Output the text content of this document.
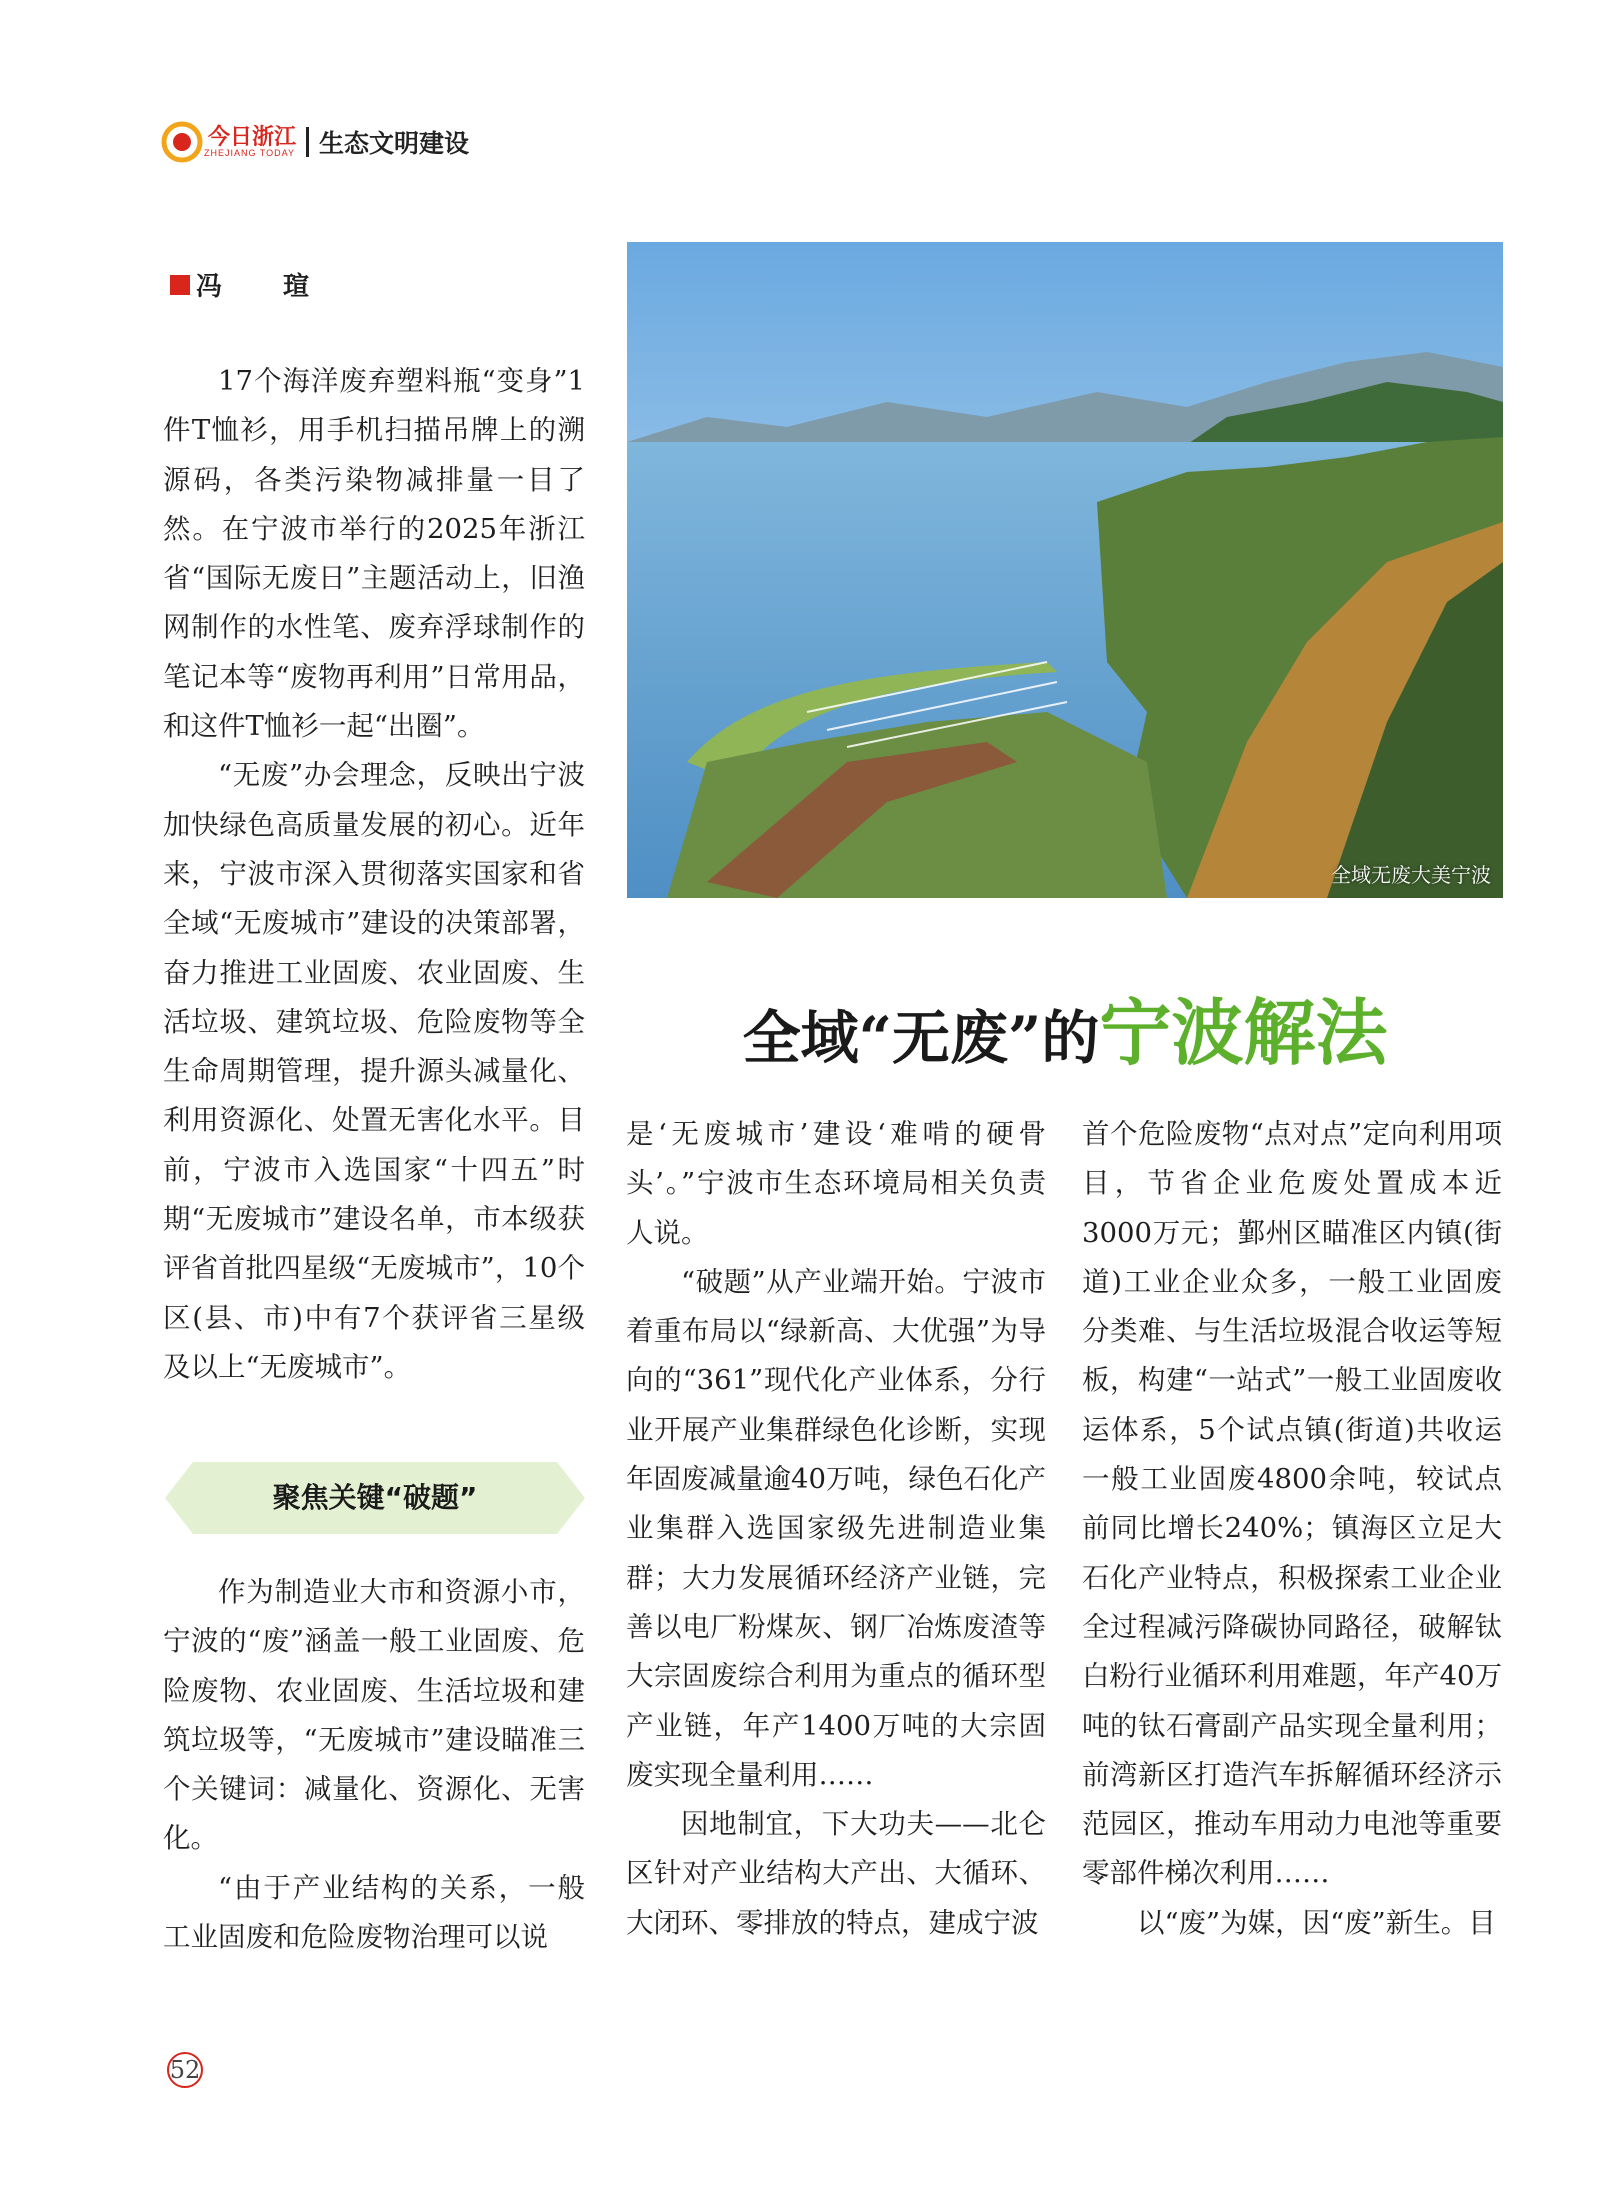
今日浙江
ZHEJIANG TODAY 生态文明建设
冯 瑄

17个海洋废弃塑料瓶“变身”1件T恤衫，用手机扫描吊牌上的溯源码，各类污染物减排量一目了然。在宁波市举行的2025年浙江省“国际无废日”主题活动上，旧渔网制作的水性笔、废弃浮球制作的笔记本等“废物再利用”日常用品，和这件T恤衫一起“出圈”。

“无废”办会理念，反映出宁波加快绿色高质量发展的初心。近年来，宁波市深入贯彻落实国家和省全域“无废城市”建设的决策部署，奋力推进工业固废、农业固废、生活垃圾、建筑垃圾、危险废物等全生命周期管理，提升源头减量化、利用资源化、处置无害化水平。目前，宁波市入选国家“十四五”时期“无废城市”建设名单，市本级获评省首批四星级“无废城市”，10个区(县、市)中有7个获评省三星级及以上“无废城市”。

聚焦关键“破题”

作为制造业大市和资源小市，宁波的“废”涵盖一般工业固废、危险废物、农业固废、生活垃圾和建筑垃圾等，“无废城市”建设瞄准三个关键词：减量化、资源化、无害化。

“由于产业结构的关系，一般工业固废和危险废物治理可以说

全域无废大美宁波
全域“无废”的宁波解法

是‘无废城市’建设‘难啃的硬骨头’。”宁波市生态环境局相关负责人说。

“破题”从产业端开始。宁波市着重布局以“绿新高、大优强”为导向的“361”现代化产业体系，分行业开展产业集群绿色化诊断，实现年固废减量逾40万吨，绿色石化产业集群入选国家级先进制造业集群；大力发展循环经济产业链，完善以电厂粉煤灰、钢厂冶炼废渣等大宗固废综合利用为重点的循环型产业链，年产1400万吨的大宗固废实现全量利用……

因地制宜，下大功夫——北仑区针对产业结构大产出、大循环、大闭环、零排放的特点，建成宁波

首个危险废物“点对点”定向利用项目，节省企业危废处置成本近3000万元；鄞州区瞄准区内镇(街道)工业企业众多，一般工业固废分类难、与生活垃圾混合收运等短板，构建“一站式”一般工业固废收运体系，5个试点镇(街道)共收运一般工业固废4800余吨，较试点前同比增长240%；镇海区立足大石化产业特点，积极探索工业企业全过程减污降碳协同路径，破解钛白粉行业循环利用难题，年产40万吨的钛石膏副产品实现全量利用；前湾新区打造汽车拆解循环经济示范园区，推动车用动力电池等重要零部件梯次利用……

以“废”为媒，因“废”新生。目

52
